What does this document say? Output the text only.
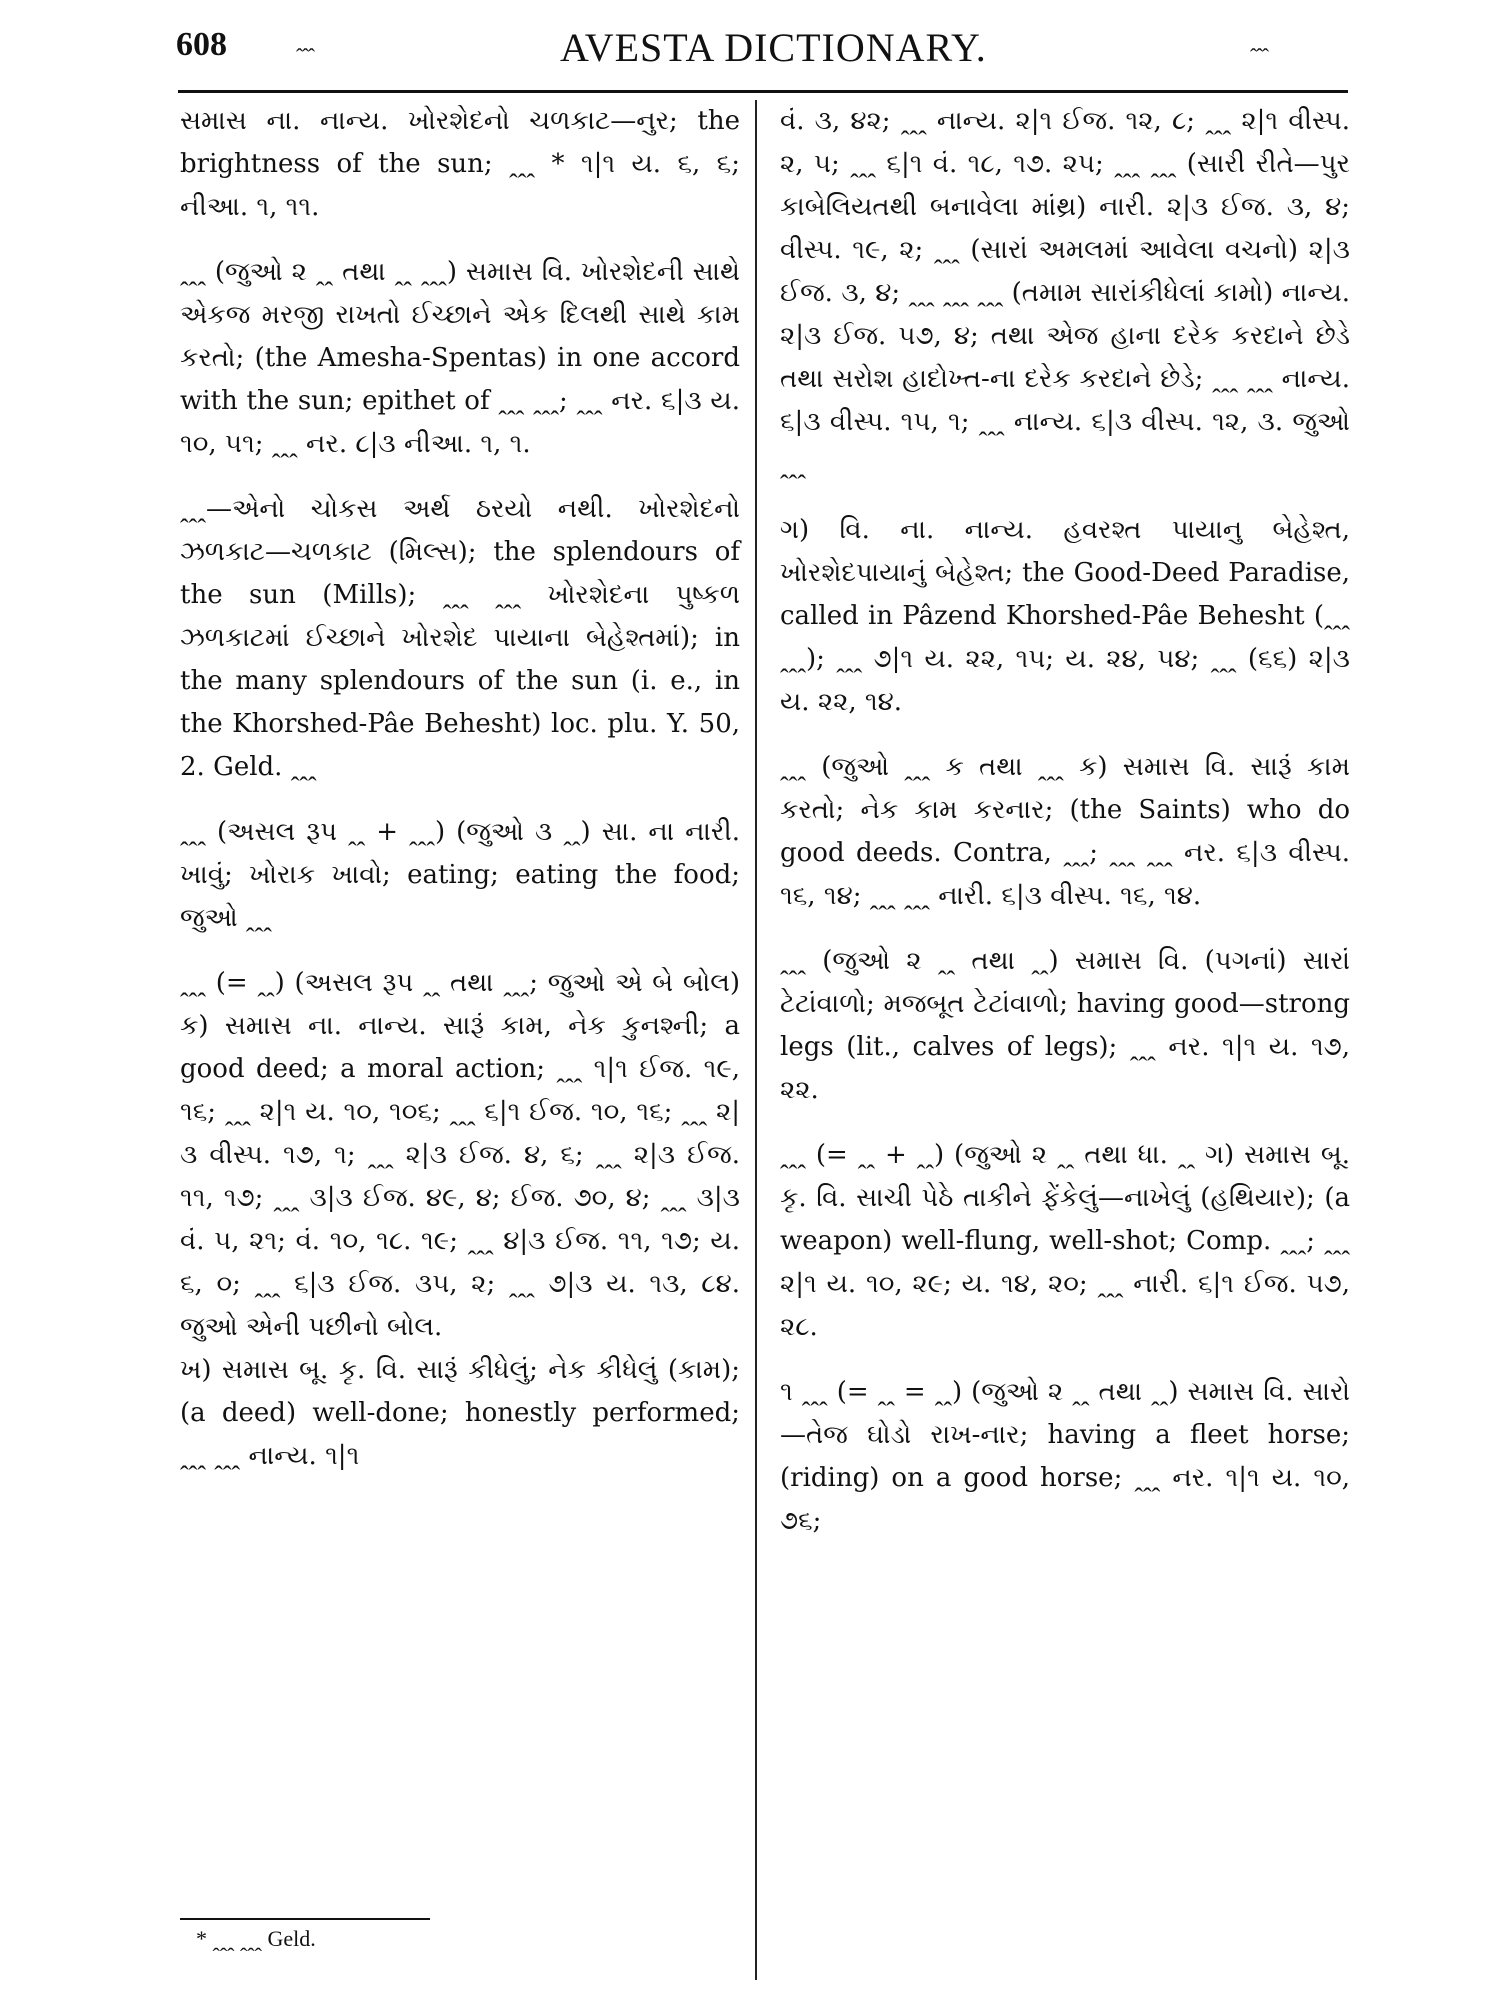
608	ꞈꞈꞈ	AVESTA DICTIONARY.	ꞈꞈꞈ

સમાસ ના. નાન્ય. ખોરશેદનો ચળકાટ—નુર; the brightness of the sun; ꞈꞈꞈ * ૧|૧ ય. ૬, ૬; નીઆ. ૧, ૧૧.

ꞈꞈꞈ (જુઓ ૨ ꞈꞈ તથા ꞈꞈ ꞈꞈꞈ) સમાસ વિ. ખોરશેદની સાથે એકજ મરજી રાખતો ઈચ્છાને એક દિલથી સાથે કામ કરતો; (the Amesha-Spentas) in one accord with the sun; epithet of ꞈꞈꞈ ꞈꞈꞈ; ꞈꞈꞈ નર. ૬|૩ ય. ૧૦, ૫૧; ꞈꞈꞈ નર. ૮|૩ નીઆ. ૧, ૧.

ꞈꞈꞈ—એનો ચોકસ અર્થ ઠરયો નથી. ખોરશેદનો ઝળકાટ—ચળકાટ (મિલ્સ); the splendours of the sun (Mills); ꞈꞈꞈ ꞈꞈꞈ ખોરશેદના પુષ્કળ ઝળકાટમાં ઈચ્છાને ખોરશેદ પાયાના બેહેશ્તમાં); in the many splendours of the sun (i. e., in the Khorshed-Pâe Behesht) loc. plu. Y. 50, 2. Geld. ꞈꞈꞈ

ꞈꞈꞈ (અસલ રૂપ ꞈꞈ + ꞈꞈꞈ) (જુઓ ૩ ꞈꞈ) સા. ના નારી. ખાવું; ખોરાક ખાવો; eating; eating the food; જુઓ ꞈꞈꞈ

ꞈꞈꞈ (= ꞈꞈ) (અસલ રૂપ ꞈꞈ તથા ꞈꞈꞈ; જુઓ એ બે બોલ) ક) સમાસ ના. નાન્ય. સારૂં કામ, નેક કુનશ્ની; a good deed; a moral action; ꞈꞈꞈ ૧|૧ ઈજ. ૧૯, ૧૬; ꞈꞈꞈ ૨|૧ ય. ૧૦, ૧૦૬; ꞈꞈꞈ ૬|૧ ઈજ. ૧૦, ૧૬; ꞈꞈꞈ ૨|૩ વીસ્પ. ૧૭, ૧; ꞈꞈꞈ ૨|૩ ઈજ. ૪, ૬; ꞈꞈꞈ ૨|૩ ઈજ. ૧૧, ૧૭; ꞈꞈꞈ ૩|૩ ઈજ. ૪૯, ૪; ઈજ. ૭૦, ૪; ꞈꞈꞈ ૩|૩ વં. ૫, ૨૧; વં. ૧૦, ૧૮. ૧૯; ꞈꞈꞈ ૪|૩ ઈજ. ૧૧, ૧૭; ય. ૬, ૦; ꞈꞈꞈ ૬|૩ ઈજ. ૩૫, ૨; ꞈꞈꞈ ૭|૩ ય. ૧૩, ૮૪. જુઓ એની પછીનો બોલ.

ખ) સમાસ બૂ. કૃ. વિ. સારૂં કીધેલું; નેક કીધેલું (કામ); (a deed) well-done; honestly performed; ꞈꞈꞈ ꞈꞈꞈ નાન્ય. ૧|૧

વં. ૩, ૪૨; ꞈꞈꞈ નાન્ય. ૨|૧ ઈજ. ૧૨, ૮; ꞈꞈꞈ ૨|૧ વીસ્પ. ૨, ૫; ꞈꞈꞈ ૬|૧ વં. ૧૮, ૧૭. ૨૫; ꞈꞈꞈ ꞈꞈꞈ (સારી રીતે—પુર કાબેલિયતથી બનાવેલા માંથ્ર) નારી. ૨|૩ ઈજ. ૩, ૪; વીસ્પ. ૧૯, ૨; ꞈꞈꞈ (સારાં અમલમાં આવેલા વચનો) ૨|૩ ઈજ. ૩, ૪; ꞈꞈꞈ ꞈꞈꞈ ꞈꞈꞈ (તમામ સારાંકીધેલાં કામો) નાન્ય. ૨|૩ ઈજ. ૫૭, ૪; તથા એજ હાના દરેક કરદાને છેડે તથા સરોશ હાદોખ્ત-ના દરેક કરદાને છેડે; ꞈꞈꞈ ꞈꞈꞈ નાન્ય. ૬|૩ વીસ્પ. ૧૫, ૧; ꞈꞈꞈ નાન્ય. ૬|૩ વીસ્પ. ૧૨, ૩. જુઓ ꞈꞈꞈ

ગ) વિ. ના. નાન્ય. હવરશ્ત પાયાનુ બેહેશ્ત, ખોરશેદપાયાનું બેહેશ્ત; the Good-Deed Paradise, called in Pâzend Khorshed-Pâe Behesht (ꞈꞈꞈ ꞈꞈꞈ); ꞈꞈꞈ ૭|૧ ય. ૨૨, ૧૫; ય. ૨૪, ૫૪; ꞈꞈꞈ (૬૬) ૨|૩ ય. ૨૨, ૧૪.

ꞈꞈꞈ (જુઓ ꞈꞈꞈ ક તથા ꞈꞈꞈ ક) સમાસ વિ. સારૂં કામ કરતો; નેક કામ કરનાર; (the Saints) who do good deeds. Contra, ꞈꞈꞈ; ꞈꞈꞈ ꞈꞈꞈ નર. ૬|૩ વીસ્પ. ૧૬, ૧૪; ꞈꞈꞈ ꞈꞈꞈ નારી. ૬|૩ વીસ્પ. ૧૬, ૧૪.

ꞈꞈꞈ (જુઓ ૨ ꞈꞈ તથા ꞈꞈ) સમાસ વિ. (પગનાં) સારાં ટેટાંવાળો; મજબૂત ટેટાંવાળો; having good—strong legs (lit., calves of legs); ꞈꞈꞈ નર. ૧|૧ ય. ૧૭, ૨૨.

ꞈꞈꞈ (= ꞈꞈ + ꞈꞈ) (જુઓ ૨ ꞈꞈ તથા ધા. ꞈꞈ ગ) સમાસ બૂ. કૃ. વિ. સાચી પેઠે તાકીને ફેંકેલું—નાખેલું (હથિયાર); (a weapon) well-flung, well-shot; Comp. ꞈꞈꞈ; ꞈꞈꞈ ૨|૧ ય. ૧૦, ૨૯; ય. ૧૪, ૨૦; ꞈꞈꞈ નારી. ૬|૧ ઈજ. ૫૭, ૨૮.

૧ ꞈꞈꞈ (= ꞈꞈ = ꞈꞈ) (જુઓ ૨ ꞈꞈ તથા ꞈꞈ) સમાસ વિ. સારો—તેજ ઘોડો રાખ-નાર; having a fleet horse; (riding) on a good horse; ꞈꞈꞈ નર. ૧|૧ ય. ૧૦, ૭૬;

* ꞈꞈꞈ ꞈꞈꞈ Geld.
